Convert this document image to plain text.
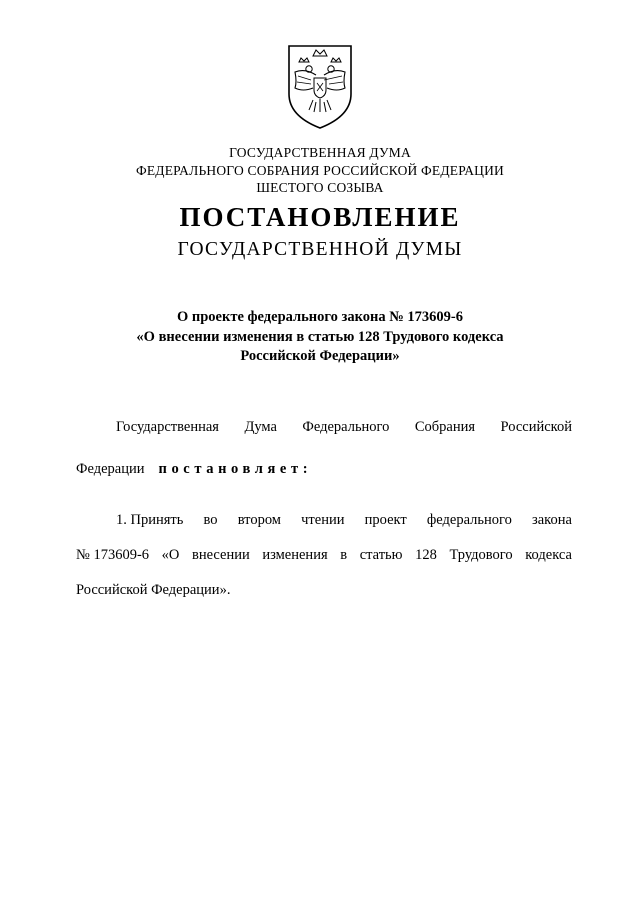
ГОСУДАРСТВЕННАЯ ДУМА
ФЕДЕРАЛЬНОГО СОБРАНИЯ РОССИЙСКОЙ ФЕДЕРАЦИИ
ШЕСТОГО СОЗЫВА
ПОСТАНОВЛЕНИЕ
ГОСУДАРСТВЕННОЙ ДУМЫ
О проекте федерального закона № 173609-6
«О внесении изменения в статью 128 Трудового кодекса
Российской Федерации»
Государственная Дума Федерального Собрания Российской
Федерации постановляет:
1. Принять во втором чтении проект федерального закона
№ 173609-6 «О внесении изменения в статью 128 Трудового кодекса
Российской Федерации».
